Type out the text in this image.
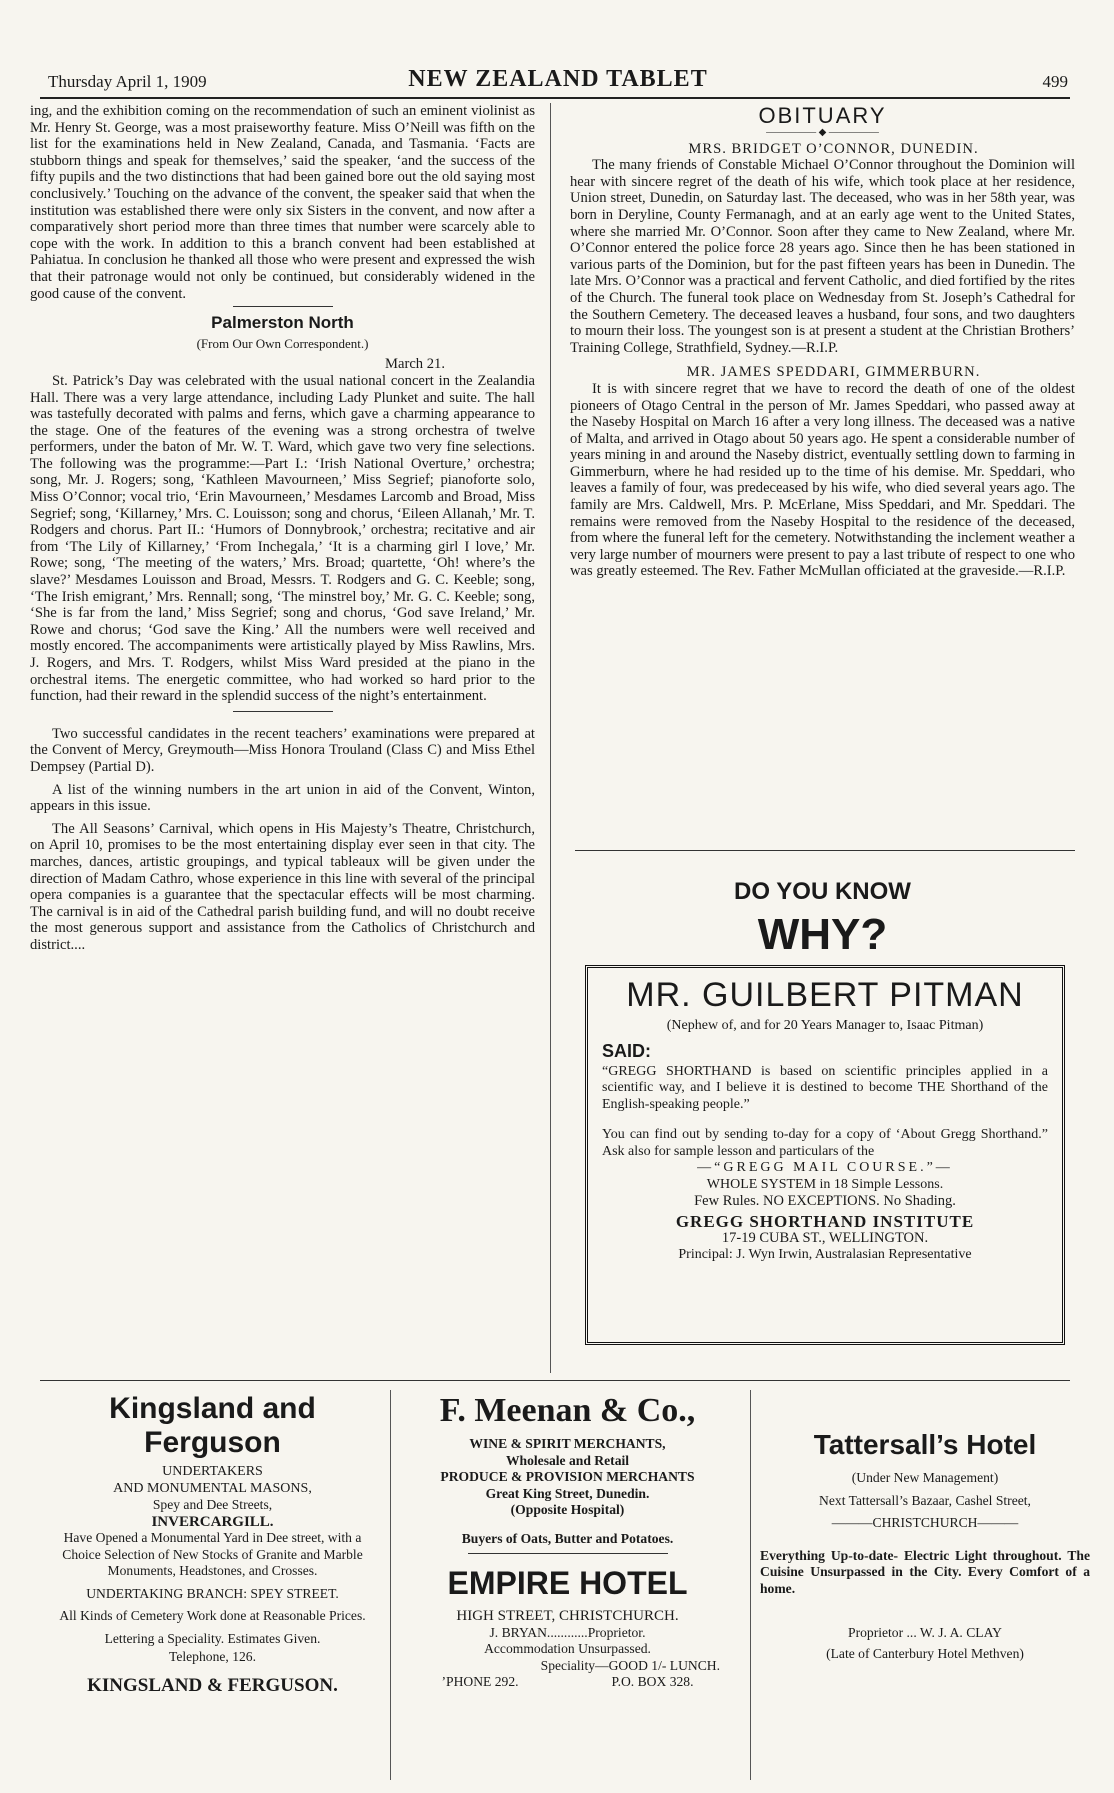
Thursday April 1, 1909	NEW ZEALAND TABLET	499

ing, and the exhibition coming on the recommendation of such an eminent violinist as Mr. Henry St. George, was a most praiseworthy feature. Miss O’Neill was fifth on the list for the examinations held in New Zealand, Canada, and Tasmania. ‘Facts are stubborn things and speak for themselves,’ said the speaker, ‘and the success of the fifty pupils and the two distinctions that had been gained bore out the old saying most conclusively.’ Touching on the advance of the convent, the speaker said that when the institution was established there were only six Sisters in the convent, and now after a comparatively short period more than three times that number were scarcely able to cope with the work. In addition to this a branch convent had been established at Pahiatua. In conclusion he thanked all those who were present and expressed the wish that their patronage would not only be continued, but considerably widened in the good cause of the convent.

Palmerston North
(From Our Own Correspondent.)

March 21.

St. Patrick’s Day was celebrated with the usual national concert in the Zealandia Hall. There was a very large attendance, including Lady Plunket and suite. The hall was tastefully decorated with palms and ferns, which gave a charming appearance to the stage. One of the features of the evening was a strong orchestra of twelve performers, under the baton of Mr. W. T. Ward, which gave two very fine selections. The following was the programme:—Part I.: ‘Irish National Overture,’ orchestra; song, Mr. J. Rogers; song, ‘Kathleen Mavourneen,’ Miss Segrief; pianoforte solo, Miss O’Connor; vocal trio, ‘Erin Mavourneen,’ Mesdames Larcomb and Broad, Miss Segrief; song, ‘Killarney,’ Mrs. C. Louisson; song and chorus, ‘Eileen Allanah,’ Mr. T. Rodgers and chorus. Part II.: ‘Humors of Donnybrook,’ orchestra; recitative and air from ‘The Lily of Killarney,’ ‘From Inchegala,’ ‘It is a charming girl I love,’ Mr. Rowe; song, ‘The meeting of the waters,’ Mrs. Broad; quartette, ‘Oh! where’s the slave?’ Mesdames Louisson and Broad, Messrs. T. Rodgers and G. C. Keeble; song, ‘The Irish emigrant,’ Mrs. Rennall; song, ‘The minstrel boy,’ Mr. G. C. Keeble; song, ‘She is far from the land,’ Miss Segrief; song and chorus, ‘God save Ireland,’ Mr. Rowe and chorus; ‘God save the King.’ All the numbers were well received and mostly encored. The accompaniments were artistically played by Miss Rawlins, Mrs. J. Rogers, and Mrs. T. Rodgers, whilst Miss Ward presided at the piano in the orchestral items. The energetic committee, who had worked so hard prior to the function, had their reward in the splendid success of the night’s entertainment.

Two successful candidates in the recent teachers’ examinations were prepared at the Convent of Mercy, Greymouth—Miss Honora Trouland (Class C) and Miss Ethel Dempsey (Partial D).

A list of the winning numbers in the art union in aid of the Convent, Winton, appears in this issue.

The All Seasons’ Carnival, which opens in His Majesty’s Theatre, Christchurch, on April 10, promises to be the most entertaining display ever seen in that city. The marches, dances, artistic groupings, and typical tableaux will be given under the direction of Madam Cathro, whose experience in this line with several of the principal opera companies is a guarantee that the spectacular effects will be most charming. The carnival is in aid of the Cathedral parish building fund, and will no doubt receive the most generous support and assistance from the Catholics of Christchurch and district....

OBITUARY
――――― ◆ ―――――

MRS. BRIDGET O’CONNOR, DUNEDIN.

The many friends of Constable Michael O’Connor throughout the Dominion will hear with sincere regret of the death of his wife, which took place at her residence, Union street, Dunedin, on Saturday last. The deceased, who was in her 58th year, was born in Deryline, County Fermanagh, and at an early age went to the United States, where she married Mr. O’Connor. Soon after they came to New Zealand, where Mr. O’Connor entered the police force 28 years ago. Since then he has been stationed in various parts of the Dominion, but for the past fifteen years has been in Dunedin. The late Mrs. O’Connor was a practical and fervent Catholic, and died fortified by the rites of the Church. The funeral took place on Wednesday from St. Joseph’s Cathedral for the Southern Cemetery. The deceased leaves a husband, four sons, and two daughters to mourn their loss. The youngest son is at present a student at the Christian Brothers’ Training College, Strathfield, Sydney.—R.I.P.

MR. JAMES SPEDDARI, GIMMERBURN.

It is with sincere regret that we have to record the death of one of the oldest pioneers of Otago Central in the person of Mr. James Speddari, who passed away at the Naseby Hospital on March 16 after a very long illness. The deceased was a native of Malta, and arrived in Otago about 50 years ago. He spent a considerable number of years mining in and around the Naseby district, eventually settling down to farming in Gimmerburn, where he had resided up to the time of his demise. Mr. Speddari, who leaves a family of four, was predeceased by his wife, who died several years ago. The family are Mrs. Caldwell, Mrs. P. McErlane, Miss Speddari, and Mr. Speddari. The remains were removed from the Naseby Hospital to the residence of the deceased, from where the funeral left for the cemetery. Notwithstanding the inclement weather a very large number of mourners were present to pay a last tribute of respect to one who was greatly esteemed. The Rev. Father McMullan officiated at the graveside.—R.I.P.

DO YOU KNOW
WHY?
MR. GUILBERT PITMAN
(Nephew of, and for 20 Years Manager to, Isaac Pitman)
SAID:
“GREGG SHORTHAND is based on scientific principles applied in a scientific way, and I believe it is destined to become THE Shorthand of the English-speaking people.”
You can find out by sending to-day for a copy of ‘About Gregg Shorthand.” Ask also for sample lesson and particulars of the
—“GREGG MAIL COURSE.”—
WHOLE SYSTEM in 18 Simple Lessons.
Few Rules. NO EXCEPTIONS. No Shading.
GREGG SHORTHAND INSTITUTE
17-19 CUBA ST., WELLINGTON.
Principal: J. Wyn Irwin, Australasian Representative
Kingsland and Ferguson

UNDERTAKERS

AND MONUMENTAL MASONS,

Spey and Dee Streets,

INVERCARGILL.

Have Opened a Monumental Yard in Dee street, with a Choice Selection of New Stocks of Granite and Marble Monuments, Headstones, and Crosses.

UNDERTAKING BRANCH: SPEY STREET.

All Kinds of Cemetery Work done at Reasonable Prices.

Lettering a Speciality. Estimates Given.

Telephone, 126.

KINGSLAND & FERGUSON.

F. Meenan & Co.,

WINE & SPIRIT MERCHANTS,

Wholesale and Retail

PRODUCE & PROVISION MERCHANTS

Great King Street, Dunedin.

(Opposite Hospital)

Buyers of Oats, Butter and Potatoes.

EMPIRE HOTEL

HIGH STREET, CHRISTCHURCH.

J. BRYAN............Proprietor.

Accommodation Unsurpassed.

Speciality—GOOD 1/- LUNCH.

’PHONE 292.	P.O. BOX 328.
Tattersall’s Hotel

(Under New Management)

Next Tattersall’s Bazaar, Cashel Street,

———CHRISTCHURCH———

Everything Up-to-date- Electric Light throughout. The Cuisine Unsurpassed in the City. Every Comfort of a home.

Proprietor ... W. J. A. CLAY

(Late of Canterbury Hotel Methven)
